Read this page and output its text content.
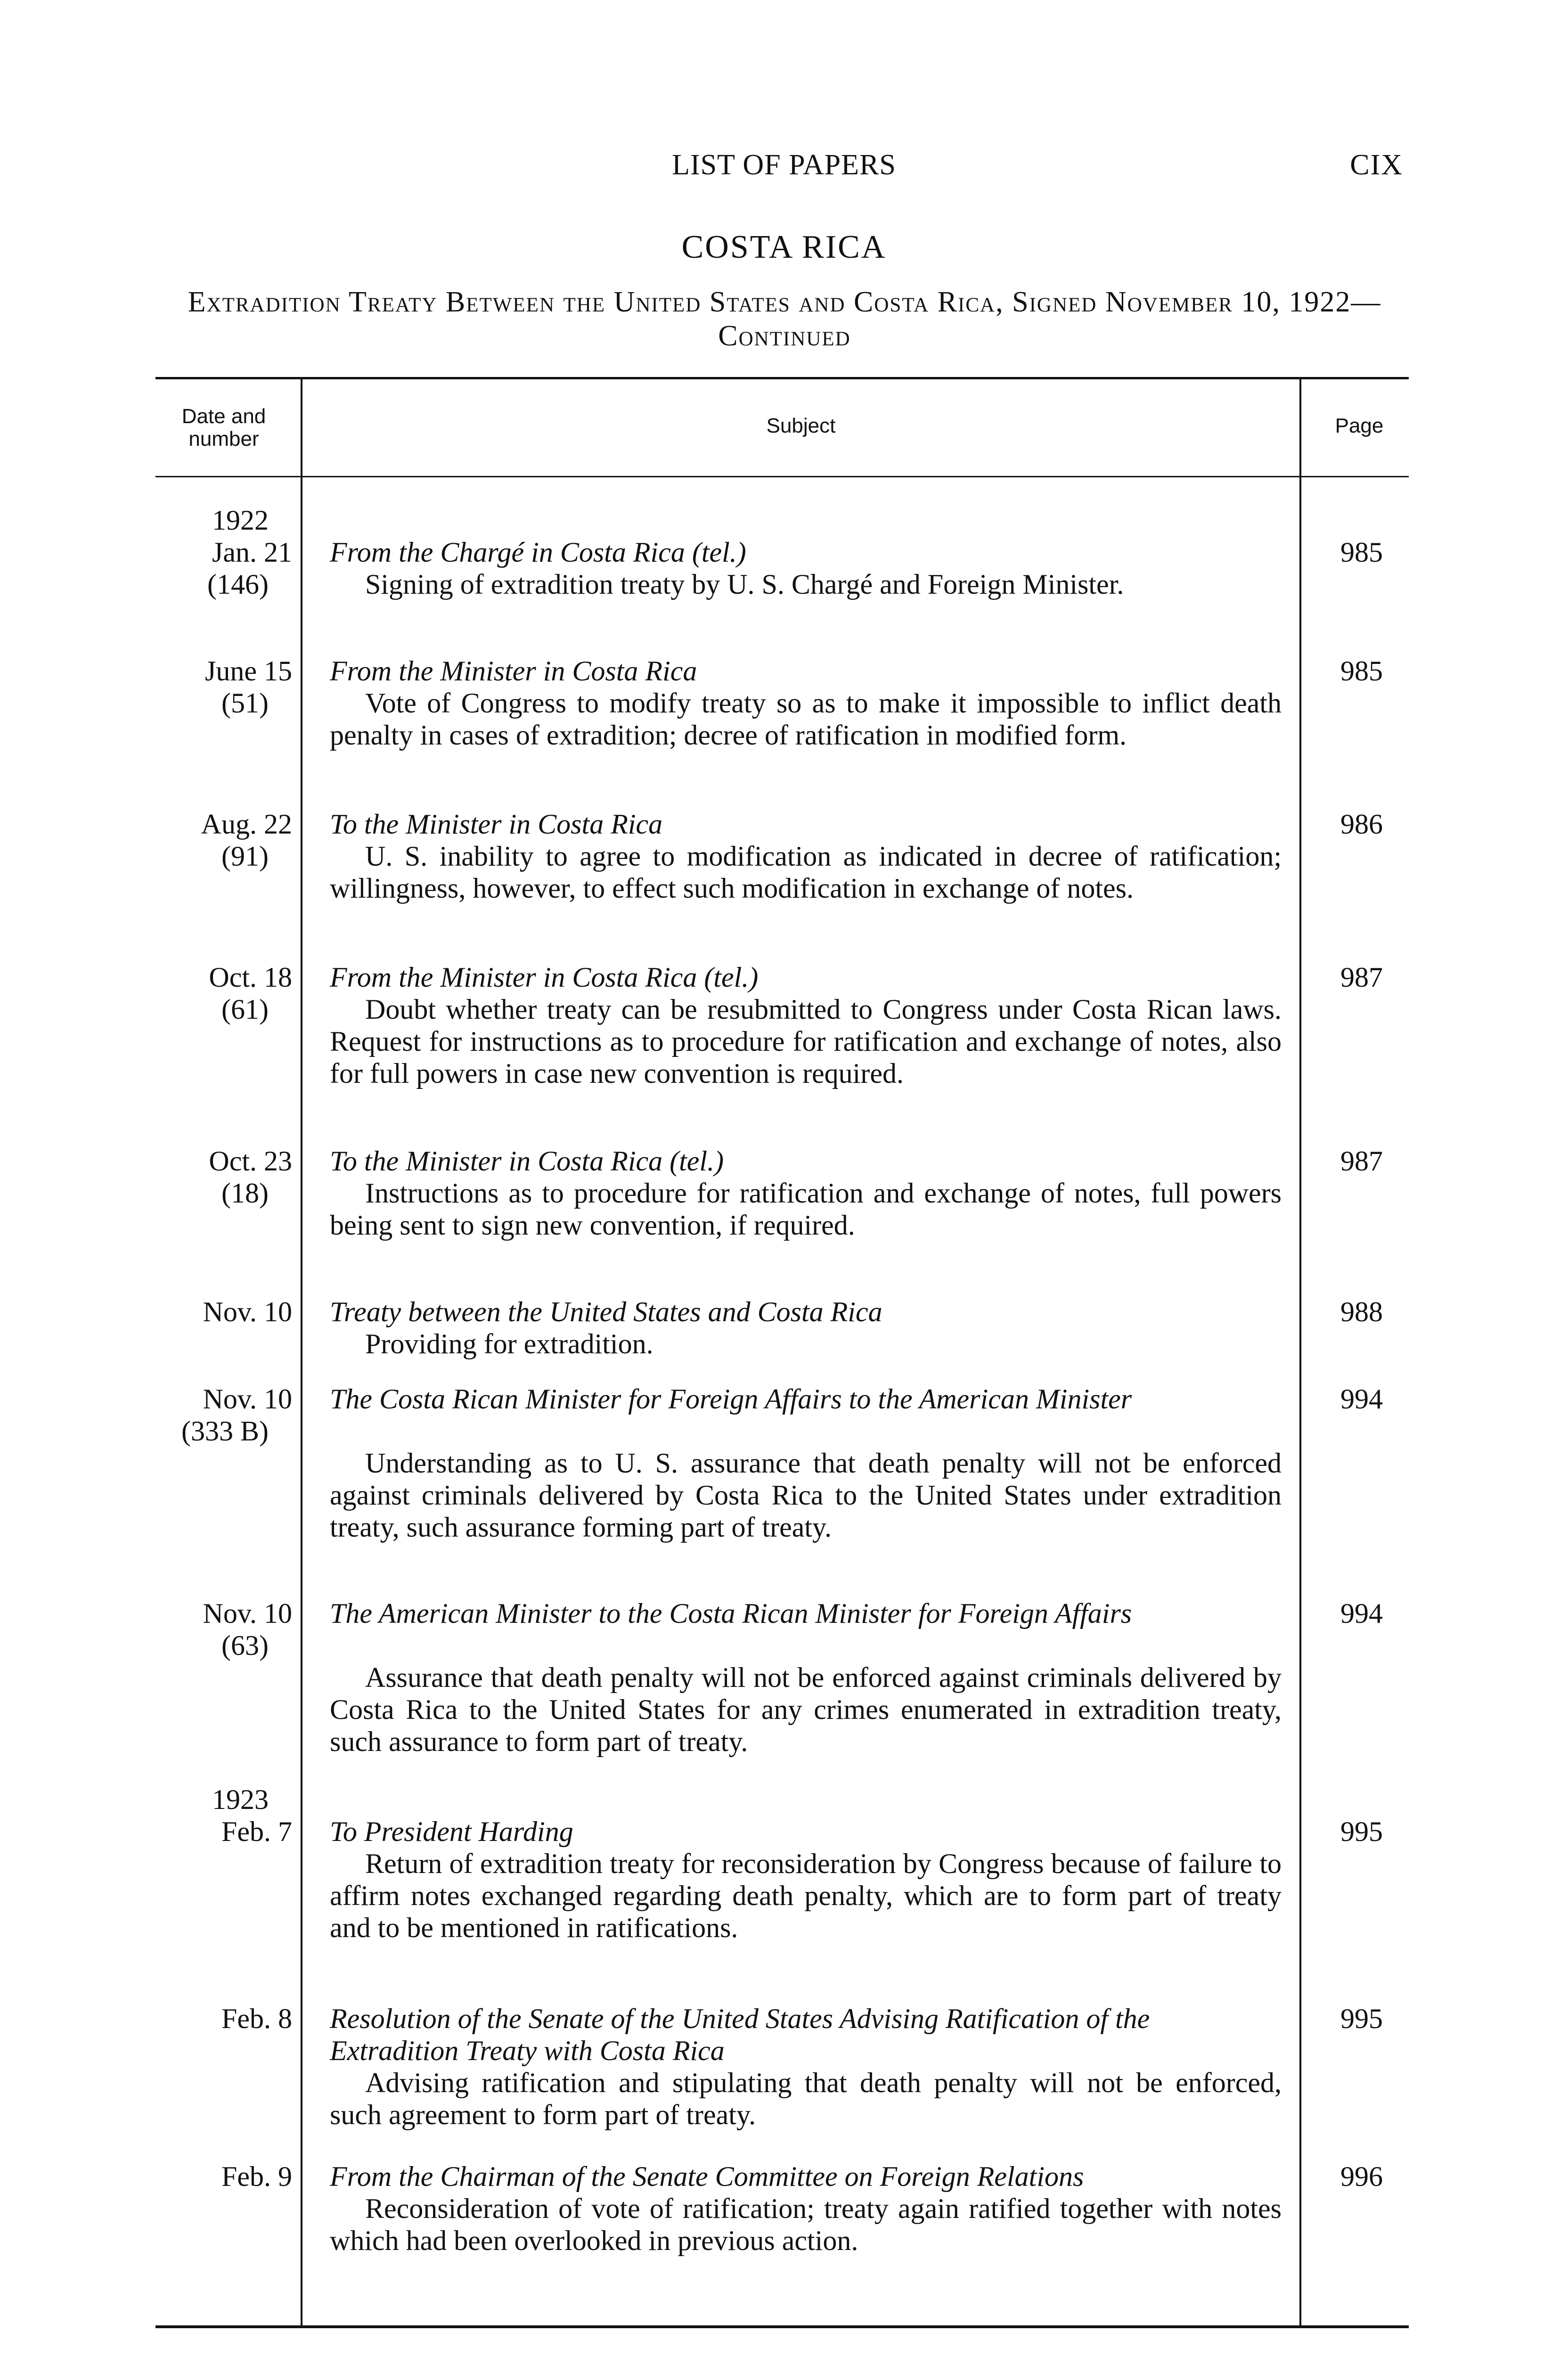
LIST OF PAPERS	CIX
COSTA RICA
Extradition Treaty Between the United States and Costa Rica, Signed November 10, 1922—Continued
Date and number
Subject	Page
1922
Jan. 21
(146)
From the Chargé in Costa Rica (tel.)
Signing of extradition treaty by U. S. Chargé and Foreign Minister.
985
June 15
(51)
From the Minister in Costa Rica
Vote of Congress to modify treaty so as to make it impossible to inflict death penalty in cases of extradition; decree of ratification in modified form.
985
Aug. 22
(91)
To the Minister in Costa Rica
U. S. inability to agree to modification as indicated in decree of ratification; willingness, however, to effect such modification in exchange of notes.
986
Oct. 18
(61)
From the Minister in Costa Rica (tel.)
Doubt whether treaty can be resubmitted to Congress under Costa Rican laws. Request for instructions as to procedure for ratification and exchange of notes, also for full powers in case new convention is required.
987
Oct. 23
(18)
To the Minister in Costa Rica (tel.)
Instructions as to procedure for ratification and exchange of notes, full powers being sent to sign new convention, if required.
987
Nov. 10 Treaty between the United States and Costa Rica
Providing for extradition.
988
Nov. 10
(333 B)
The Costa Rican Minister for Foreign Affairs to the American Minister
Understanding as to U. S. assurance that death penalty will not be enforced against criminals delivered by Costa Rica to the United States under extradition treaty, such assurance forming part of treaty.
994
Nov. 10
(63)
The American Minister to the Costa Rican Minister for Foreign Affairs
Assurance that death penalty will not be enforced against criminals delivered by Costa Rica to the United States for any crimes enumerated in extradition treaty, such assurance to form part of treaty.
994
1923
Feb. 7 To President Harding
Return of extradition treaty for reconsideration by Congress because of failure to affirm notes exchanged regarding death penalty, which are to form part of treaty and to be mentioned in ratifications.
995
Feb. 8 Resolution of the Senate of the United States Advising Ratification of the Extradition Treaty with Costa Rica
Advising ratification and stipulating that death penalty will not be enforced, such agreement to form part of treaty.
995
Feb. 9 From the Chairman of the Senate Committee on Foreign Relations
Reconsideration of vote of ratification; treaty again ratified together with notes which had been overlooked in previous action.
996
